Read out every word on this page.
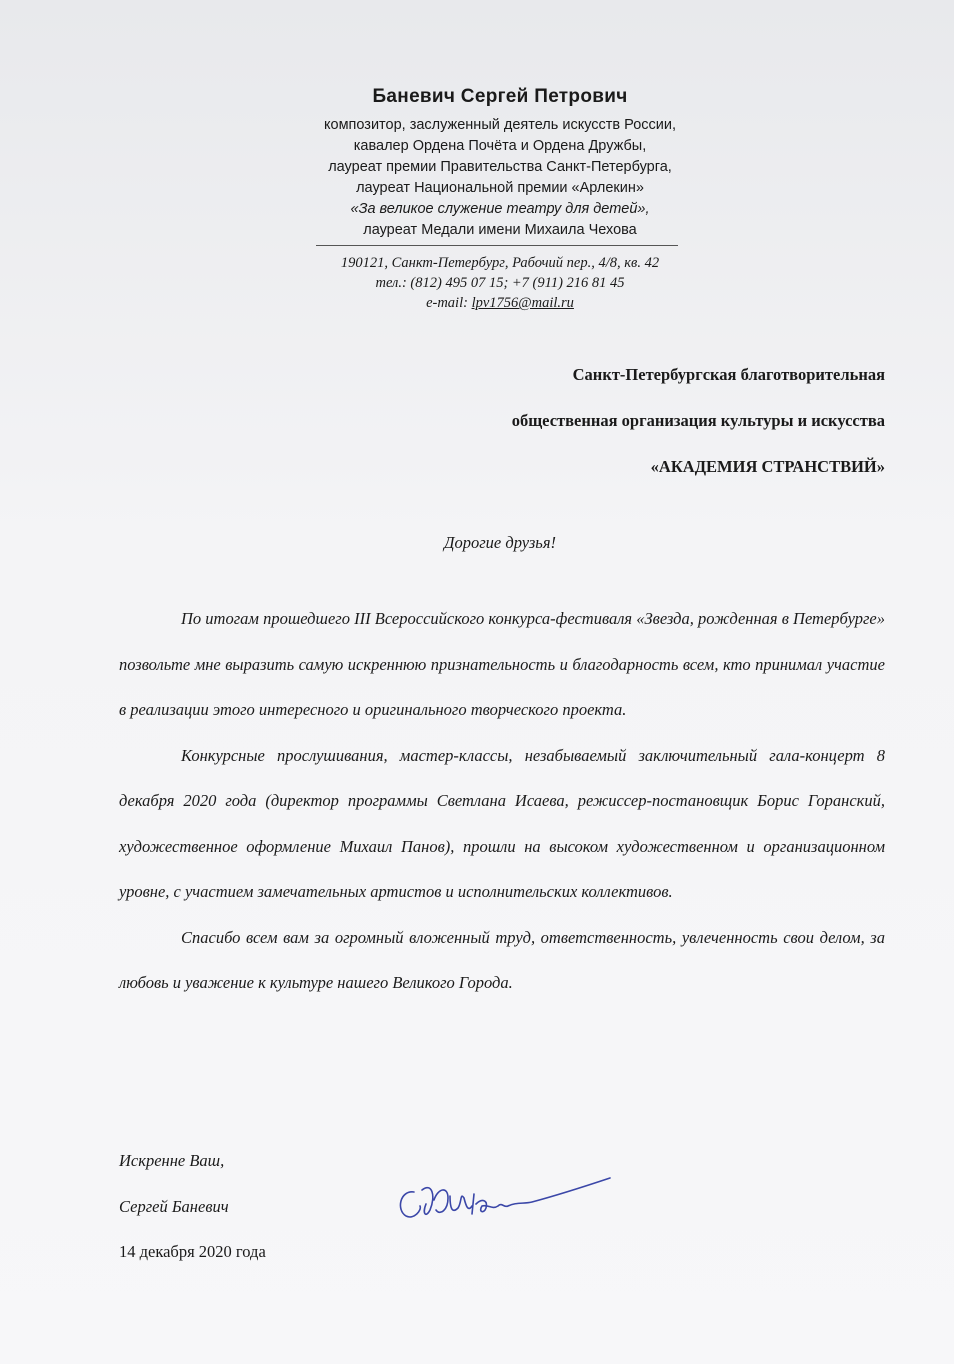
Баневич Сергей Петрович
композитор, заслуженный деятель искусств России,
кавалер Ордена Почёта и Ордена Дружбы,
лауреат премии Правительства Санкт-Петербурга,
лауреат Национальной премии «Арлекин»
«За великое служение театру для детей»,
лауреат Медали имени Михаила Чехова
190121, Санкт-Петербург, Рабочий пер., 4/8, кв. 42
тел.: (812) 495 07 15; +7 (911) 216 81 45
e-mail: lpv1756@mail.ru
Санкт-Петербургская благотворительная
общественная организация культуры и искусства
«АКАДЕМИЯ СТРАНСТВИЙ»
Дорогие друзья!

По итогам прошедшего III Всероссийского конкурса-фестиваля «Звезда, рожденная в Петербурге» позвольте мне выразить самую искреннюю признательность и благодарность всем, кто принимал участие в реализации этого интересного и оригинального творческого проекта.

Конкурсные прослушивания, мастер-классы, незабываемый заключительный гала-концерт 8 декабря 2020 года (директор программы Светлана Исаева, режиссер-постановщик Борис Горанский, художественное оформление Михаил Панов), прошли на высоком художественном и организационном уровне, с участием замечательных артистов и исполнительских коллективов.

Спасибо всем вам за огромный вложенный труд, ответственность, увлеченность свои делом, за любовь и уважение к культуре нашего Великого Города.

Искренне Ваш,
Сергей Баневич
14 декабря 2020 года
